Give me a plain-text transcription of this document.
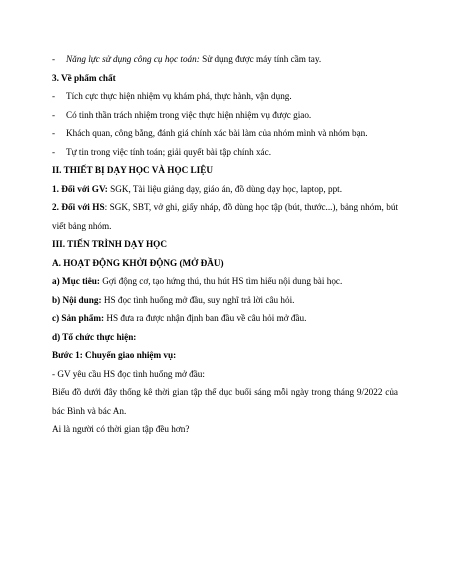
-	Năng lực sử dụng công cụ học toán: Sử dụng được máy tính cầm tay.
3. Về phẩm chất
-	Tích cực thực hiện nhiệm vụ khám phá, thực hành, vận dụng.
-	Có tinh thần trách nhiệm trong việc thực hiện nhiệm vụ được giao.
-	Khách quan, công bằng, đánh giá chính xác bài làm của nhóm mình và nhóm bạn.
-	Tự tin trong việc tính toán; giải quyết bài tập chính xác.
II. THIẾT BỊ DẠY HỌC VÀ HỌC LIỆU
1. Đối với GV: SGK, Tài liệu giảng dạy, giáo án, đồ dùng dạy học, laptop, ppt.
2. Đối với HS: SGK, SBT, vở ghi, giấy nháp, đồ dùng học tập (bút, thước...), bảng nhóm, bút viết bảng nhóm.
III. TIẾN TRÌNH DẠY HỌC
A. HOẠT ĐỘNG KHỞI ĐỘNG (MỞ ĐẦU)
a) Mục tiêu: Gợi động cơ, tạo hứng thú, thu hút HS tìm hiểu nội dung bài học.
b) Nội dung: HS đọc tình huống mở đầu, suy nghĩ trả lời câu hỏi.
c) Sản phẩm: HS đưa ra được nhận định ban đầu về câu hỏi mở đầu.
d) Tổ chức thực hiện:
Bước 1: Chuyển giao nhiệm vụ:
- GV yêu cầu HS đọc tình huống mở đầu:
Biểu đồ dưới đây thống kê thời gian tập thể dục buổi sáng mỗi ngày trong tháng 9/2022 của bác Bình và bác An.
Ai là người có thời gian tập đều hơn?
